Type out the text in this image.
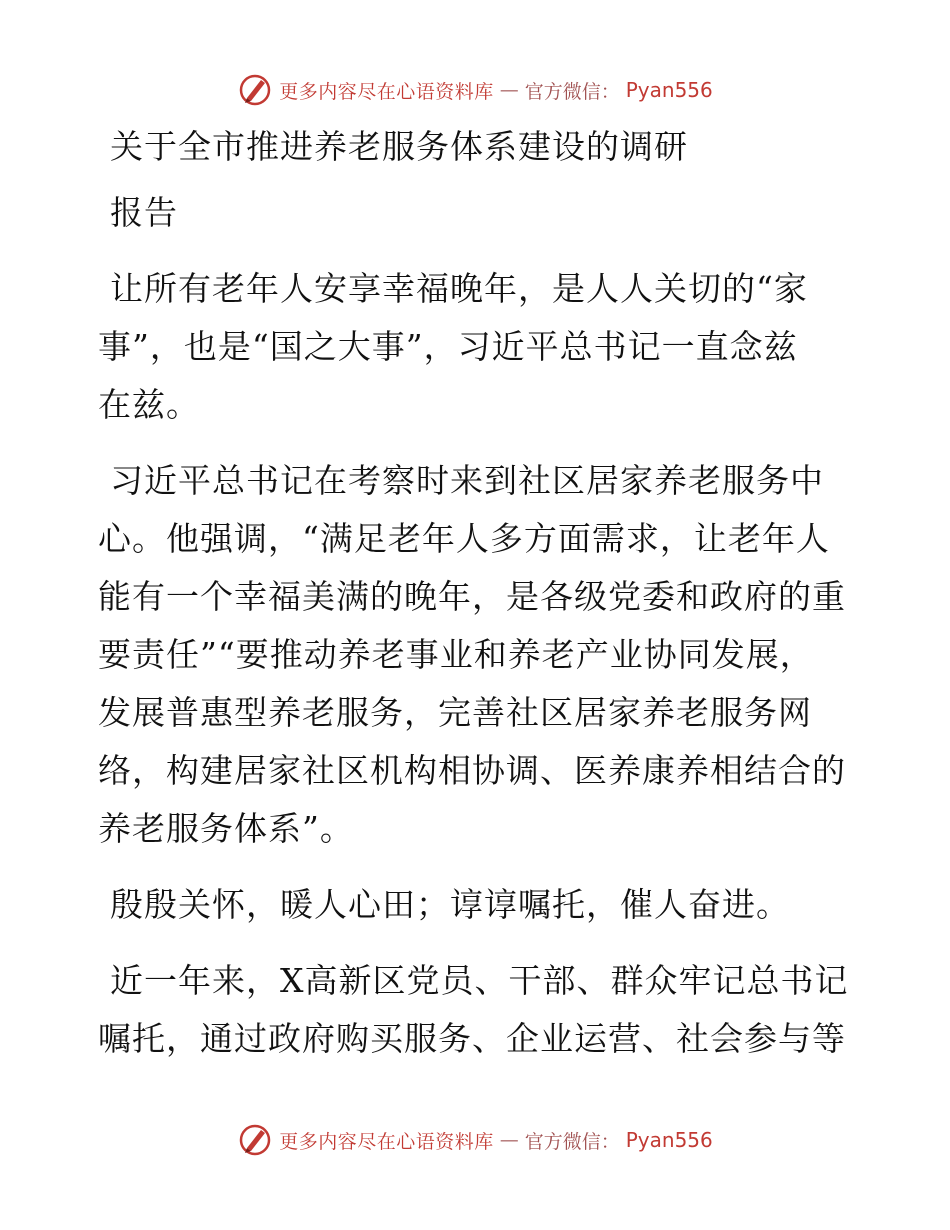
更多内容尽在心语资料库 — 官方微信： Pyan556
关于全市推进养老服务体系建设的调研
报告
让所有老年人安享幸福晚年，是人人关切的“家
事”，也是“国之大事”，习近平总书记一直念兹
在兹。
习近平总书记在考察时来到社区居家养老服务中
心。他强调，“满足老年人多方面需求，让老年人
能有一个幸福美满的晚年，是各级党委和政府的重
要责任”“要推动养老事业和养老产业协同发展，
发展普惠型养老服务，完善社区居家养老服务网
络，构建居家社区机构相协调、医养康养相结合的
养老服务体系”。
殷殷关怀，暖人心田；谆谆嘱托，催人奋进。
近一年来，X高新区党员、干部、群众牢记总书记
嘱托，通过政府购买服务、企业运营、社会参与等
更多内容尽在心语资料库 — 官方微信： Pyan556
